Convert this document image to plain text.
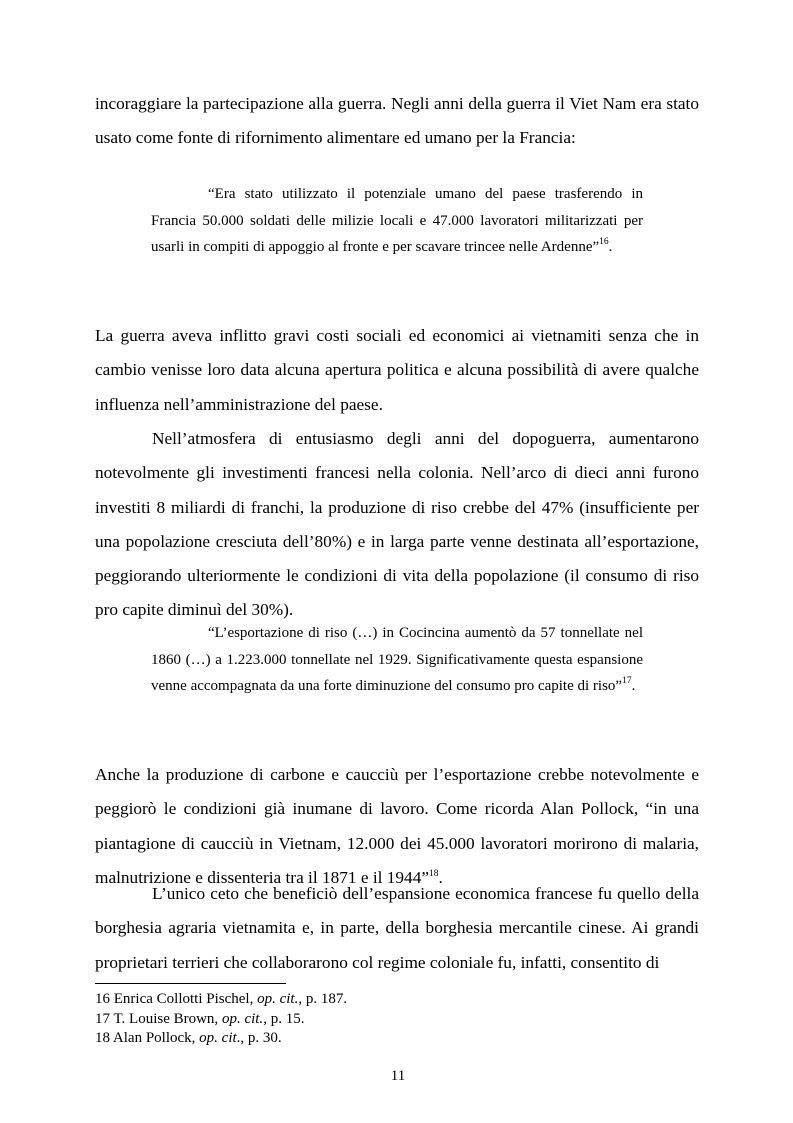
incoraggiare la partecipazione alla guerra. Negli anni della guerra il Viet Nam era stato usato come fonte di rifornimento alimentare ed umano per la Francia:

“Era stato utilizzato il potenziale umano del paese trasferendo in Francia 50.000 soldati delle milizie locali e 47.000 lavoratori militarizzati per usarli in compiti di appoggio al fronte e per scavare trincee nelle Ardenne”$^{16}$.

La guerra aveva inflitto gravi costi sociali ed economici ai vietnamiti senza che in cambio venisse loro data alcuna apertura politica e alcuna possibilità di avere qualche influenza nell’amministrazione del paese.

Nell’atmosfera di entusiasmo degli anni del dopoguerra, aumentarono notevolmente gli investimenti francesi nella colonia. Nell’arco di dieci anni furono investiti 8 miliardi di franchi, la produzione di riso crebbe del 47% (insufficiente per una popolazione cresciuta dell’80%) e in larga parte venne destinata all’esportazione, peggiorando ulteriormente le condizioni di vita della popolazione (il consumo di riso pro capite diminuì del 30%).

“L’esportazione di riso (…) in Cocincina aumentò da 57 tonnellate nel 1860 (…) a 1.223.000 tonnellate nel 1929. Significativamente questa espansione venne accompagnata da una forte diminuzione del consumo pro capite di riso”$^{17}$.

Anche la produzione di carbone e caucciù per l’esportazione crebbe notevolmente e peggiorò le condizioni già inumane di lavoro. Come ricorda Alan Pollock, “in una piantagione di caucciù in Vietnam, 12.000 dei 45.000 lavoratori morirono di malaria, malnutrizione e dissenteria tra il 1871 e il 1944”$^{18}$.

L’unico ceto che beneficiò dell’espansione economica francese fu quello della borghesia agraria vietnamita e, in parte, della borghesia mercantile cinese. Ai grandi proprietari terrieri che collaborarono col regime coloniale fu, infatti, consentito di

16 Enrica Collotti Pischel, op. cit., p. 187.
17 T. Louise Brown, op. cit., p. 15.
18 Alan Pollock, op. cit., p. 30.
11
